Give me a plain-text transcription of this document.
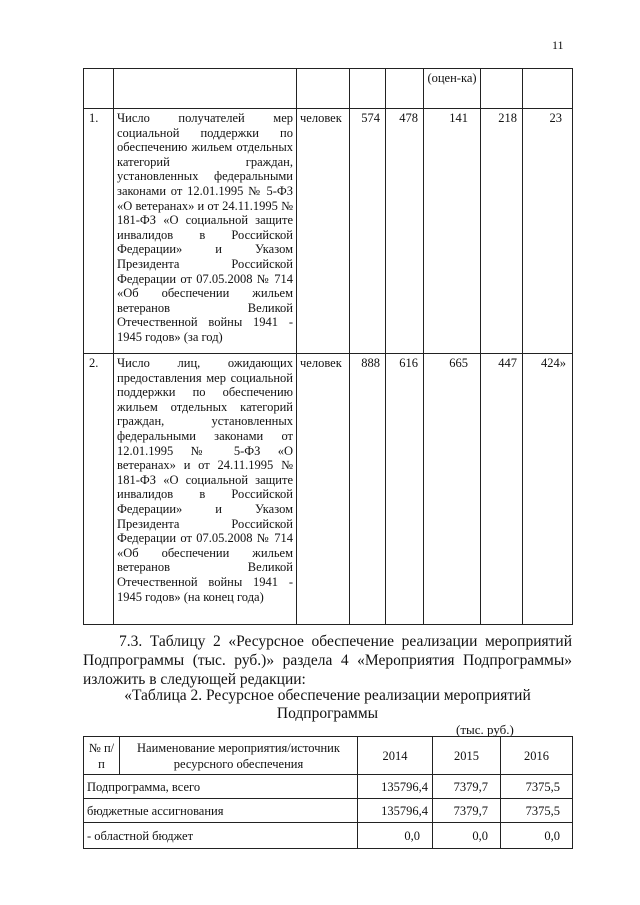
11
					(оцен-ка)		
1.	Число получателей мер социальной поддержки по обеспечению жильем отдельных категорий граждан, установленных федеральными законами от 12.01.1995 № 5-ФЗ «О ветеранах» и от 24.11.1995 № 181-ФЗ «О социальной защите инвалидов в Российской Федерации» и Указом Президента Российской Федерации от 07.05.2008 № 714 «Об обеспечении жильем ветеранов Великой Отечественной войны 1941 - 1945 годов» (за год)	человек	574	478	141	218	23
2.	Число лиц, ожидающих предоставления мер социальной поддержки по обеспечению жильем отдельных категорий граждан, установленных федеральными законами от 12.01.1995 № 5-ФЗ «О ветеранах» и от 24.11.1995 № 181-ФЗ «О социальной защите инвалидов в Российской Федерации» и Указом Президента Российской Федерации от 07.05.2008 № 714 «Об обеспечении жильем ветеранов Великой Отечественной войны 1941 - 1945 годов» (на конец года)	человек	888	616	665	447	424»
7.3. Таблицу 2 «Ресурсное обеспечение реализации мероприятий Подпрограммы (тыс. руб.)» раздела 4 «Мероприятия Подпрограммы» изложить в следующей редакции:
«Таблица 2. Ресурсное обеспечение реализации мероприятий
Подпрограммы
(тыс. руб.)
№ п/п	Наименование мероприятия/источник ресурсного обеспечения	2014	2015	2016
Подпрограмма, всего		135796,4	7379,7	7375,5
бюджетные ассигнования		135796,4	7379,7	7375,5
- областной бюджет		0,0	0,0	0,0
